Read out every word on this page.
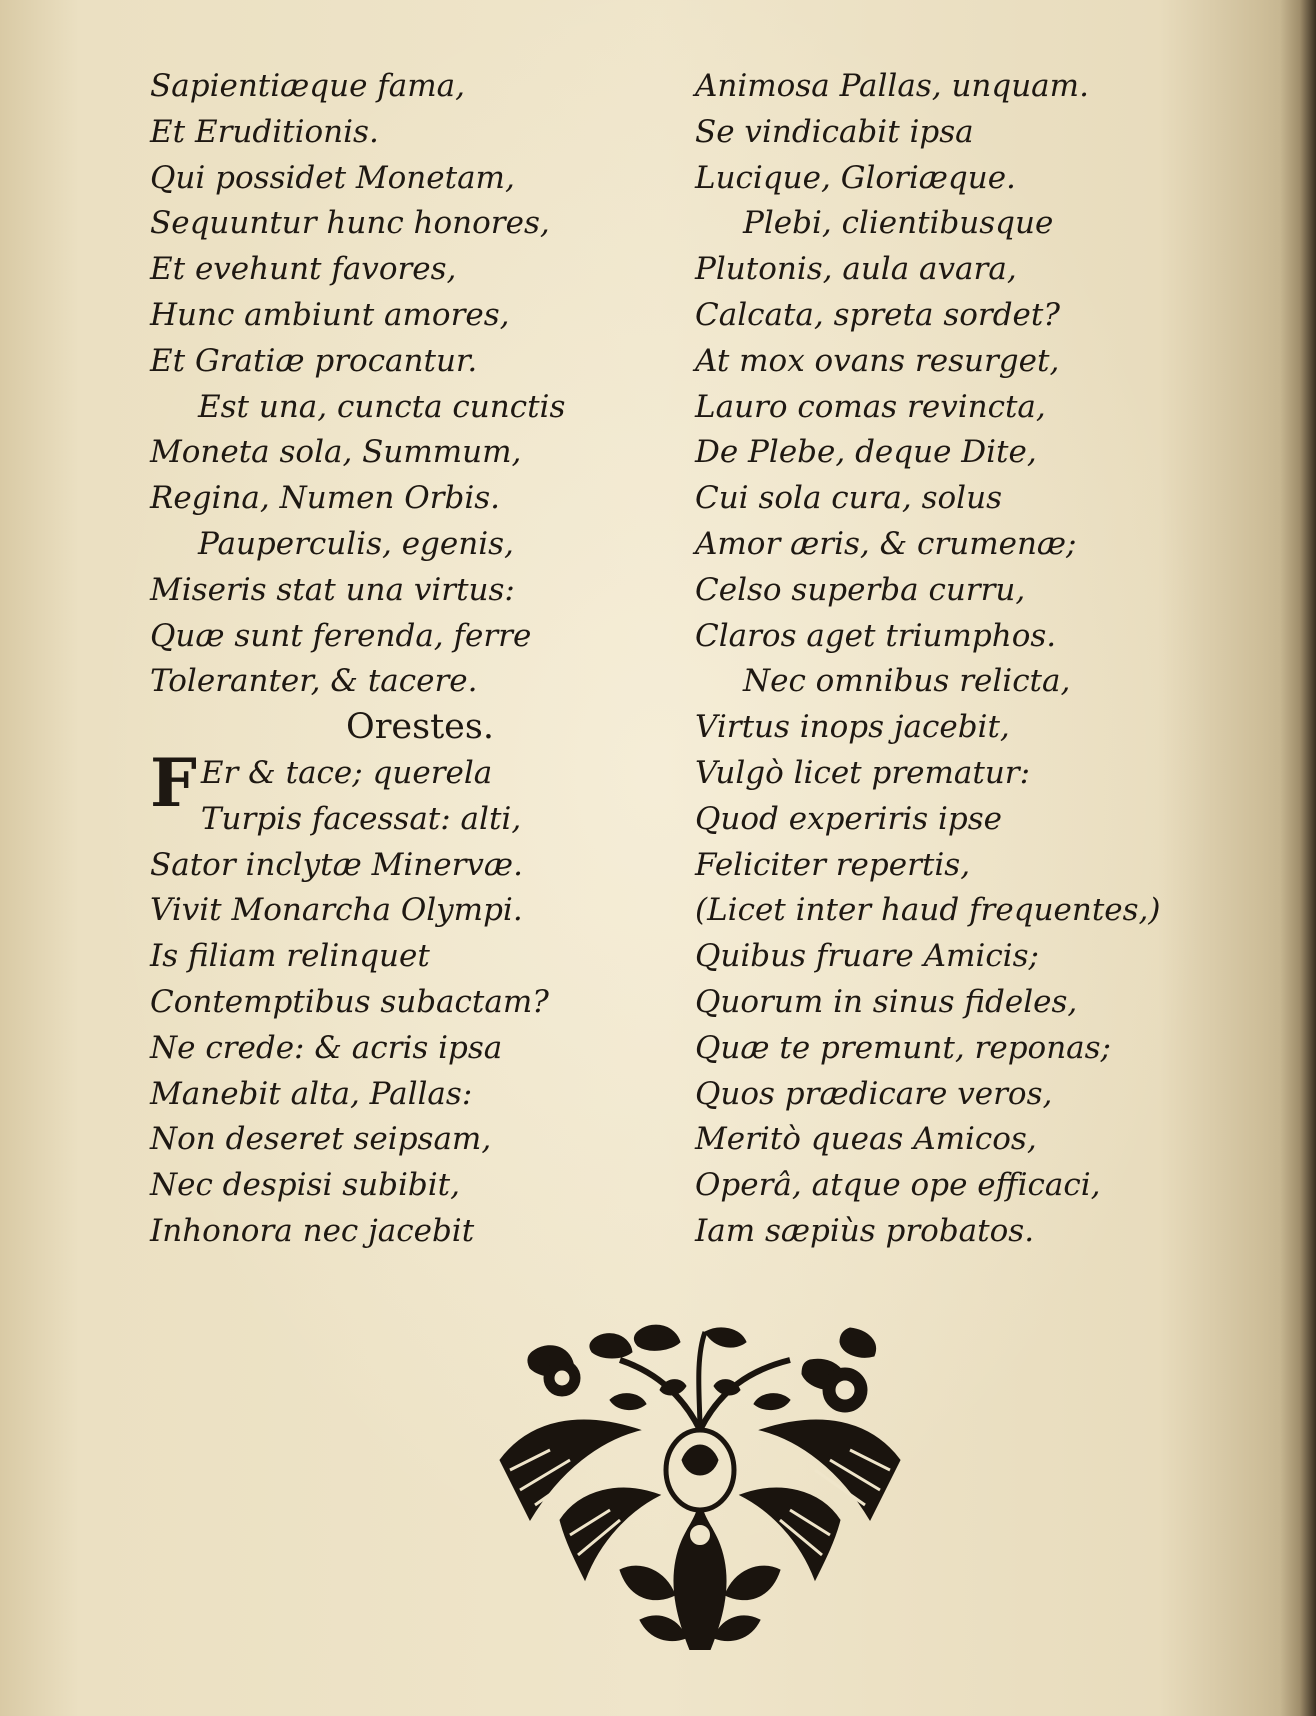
Sapientiæque fama,
Et Eruditionis.
Qui possidet Monetam,
Sequuntur hunc honores,
Et evehunt favores,
Hunc ambiunt amores,
Et Gratiæ procantur.
Est una, cuncta cunctis
Moneta sola, Summum,
Regina, Numen Orbis.
Pauperculis, egenis,
Miseris stat una virtus:
Quæ sunt ferenda, ferre
Toleranter, & tacere.
Orestes.
F Er & tace; querela
Turpis facessat: alti,
Sator inclytæ Minervæ.
Vivit Monarcha Olympi.
Is filiam relinquet
Contemptibus subactam?
Ne crede: & acris ipsa
Manebit alta, Pallas:
Non deseret seipsam,
Nec despisi subibit,
Inhonora nec jacebit
Animosa Pallas, unquam.
Se vindicabit ipsa
Lucique, Gloriæque.
Plebi, clientibusque
Plutonis, aula avara,
Calcata, spreta sordet?
At mox ovans resurget,
Lauro comas revincta,
De Plebe, deque Dite,
Cui sola cura, solus
Amor æris, & crumenæ;
Celso superba curru,
Claros aget triumphos.
Nec omnibus relicta,
Virtus inops jacebit,
Vulgò licet prematur:
Quod experiris ipse
Feliciter repertis,
(Licet inter haud frequentes,)
Quibus fruare Amicis;
Quorum in sinus fideles,
Quæ te premunt, reponas;
Quos prædicare veros,
Meritò queas Amicos,
Operâ, atque ope efficaci,
Iam sæpiùs probatos.
